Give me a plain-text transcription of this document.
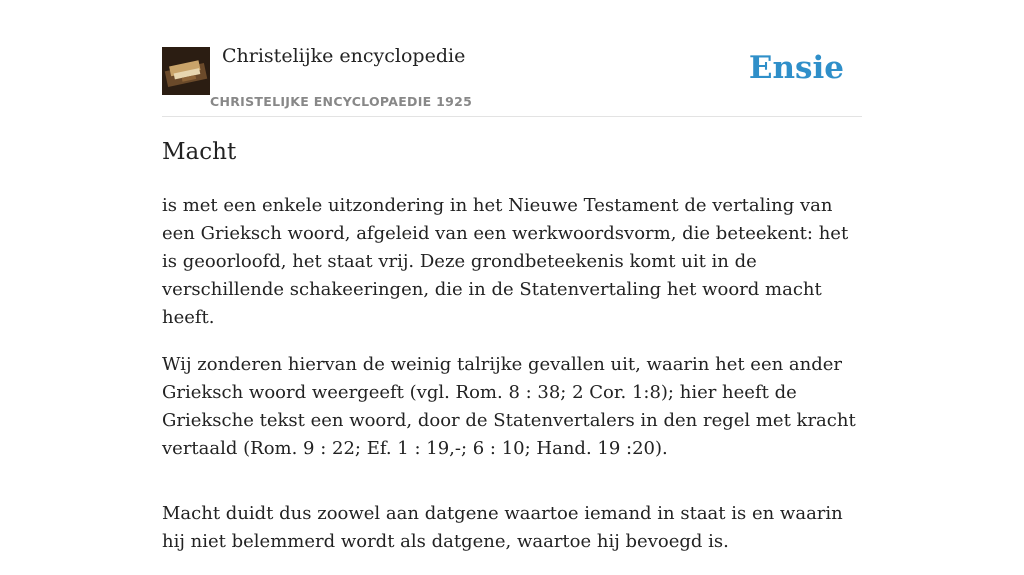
Christelijke encyclopedie
CHRISTELIJKE ENCYCLOPAEDIE 1925
Ensie
Macht

is met een enkele uitzondering in het Nieuwe Testament de vertaling van een Grieksch woord, afgeleid van een werkwoordsvorm, die beteekent: het is geoorloofd, het staat vrij. Deze grondbeteekenis komt uit in de verschillende schakeeringen, die in de Statenvertaling het woord macht heeft.

Wij zonderen hiervan de weinig talrijke gevallen uit, waarin het een ander Grieksch woord weergeeft (vgl. Rom. 8 : 38; 2 Cor. 1:8); hier heeft de Grieksche tekst een woord, door de Statenvertalers in den regel met kracht vertaald (Rom. 9 : 22; Ef. 1 : 19,-; 6 : 10; Hand. 19 :20).

Macht duidt dus zoowel aan datgene waartoe iemand in staat is en waarin hij niet belemmerd wordt als datgene, waartoe hij bevoegd is.
